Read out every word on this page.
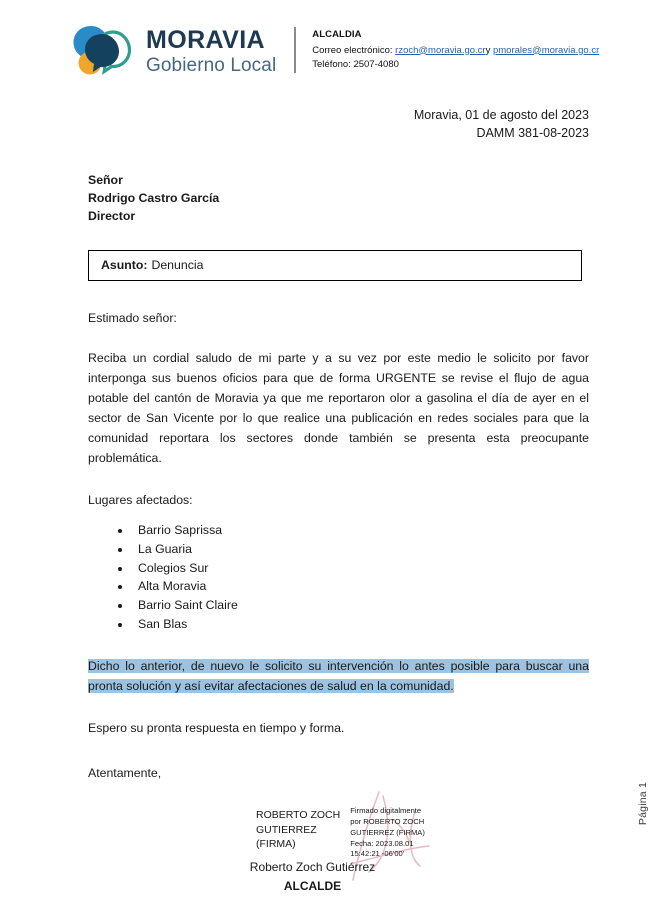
MORAVIA
Gobierno Local
ALCALDIA
Correo electrónico: rzoch@moravia.go.cry pmorales@moravia.go.cr
Teléfono: 2507-4080
Moravia, 01 de agosto del 2023
DAMM 381-08-2023
Señor
Rodrigo Castro García
Director
Asunto: Denuncia

Estimado señor:

Reciba un cordial saludo de mi parte y a su vez por este medio le solicito por favor interponga sus buenos oficios para que de forma URGENTE se revise el flujo de agua potable del cantón de Moravia ya que me reportaron olor a gasolina el día de ayer en el sector de San Vicente por lo que realice una publicación en redes sociales para que la comunidad reportara los sectores donde también se presenta esta preocupante problemática.

Lugares afectados:

• Barrio Saprissa
• La Guaria
• Colegios Sur
• Alta Moravia
• Barrio Saint Claire
• San Blas

Dicho lo anterior, de nuevo le solicito su intervención lo antes posible para buscar una pronta solución y así evitar afectaciones de salud en la comunidad.

Espero su pronta respuesta en tiempo y forma.

Atentamente,

ROBERTO ZOCH
GUTIERREZ
(FIRMA)
Firmado digitalmente
por ROBERTO ZOCH
GUTIERREZ (FIRMA)
Fecha: 2023.08.01
15:42:21 -06'00'
Roberto Zoch Gutiérrez
ALCALDE
Página 1
